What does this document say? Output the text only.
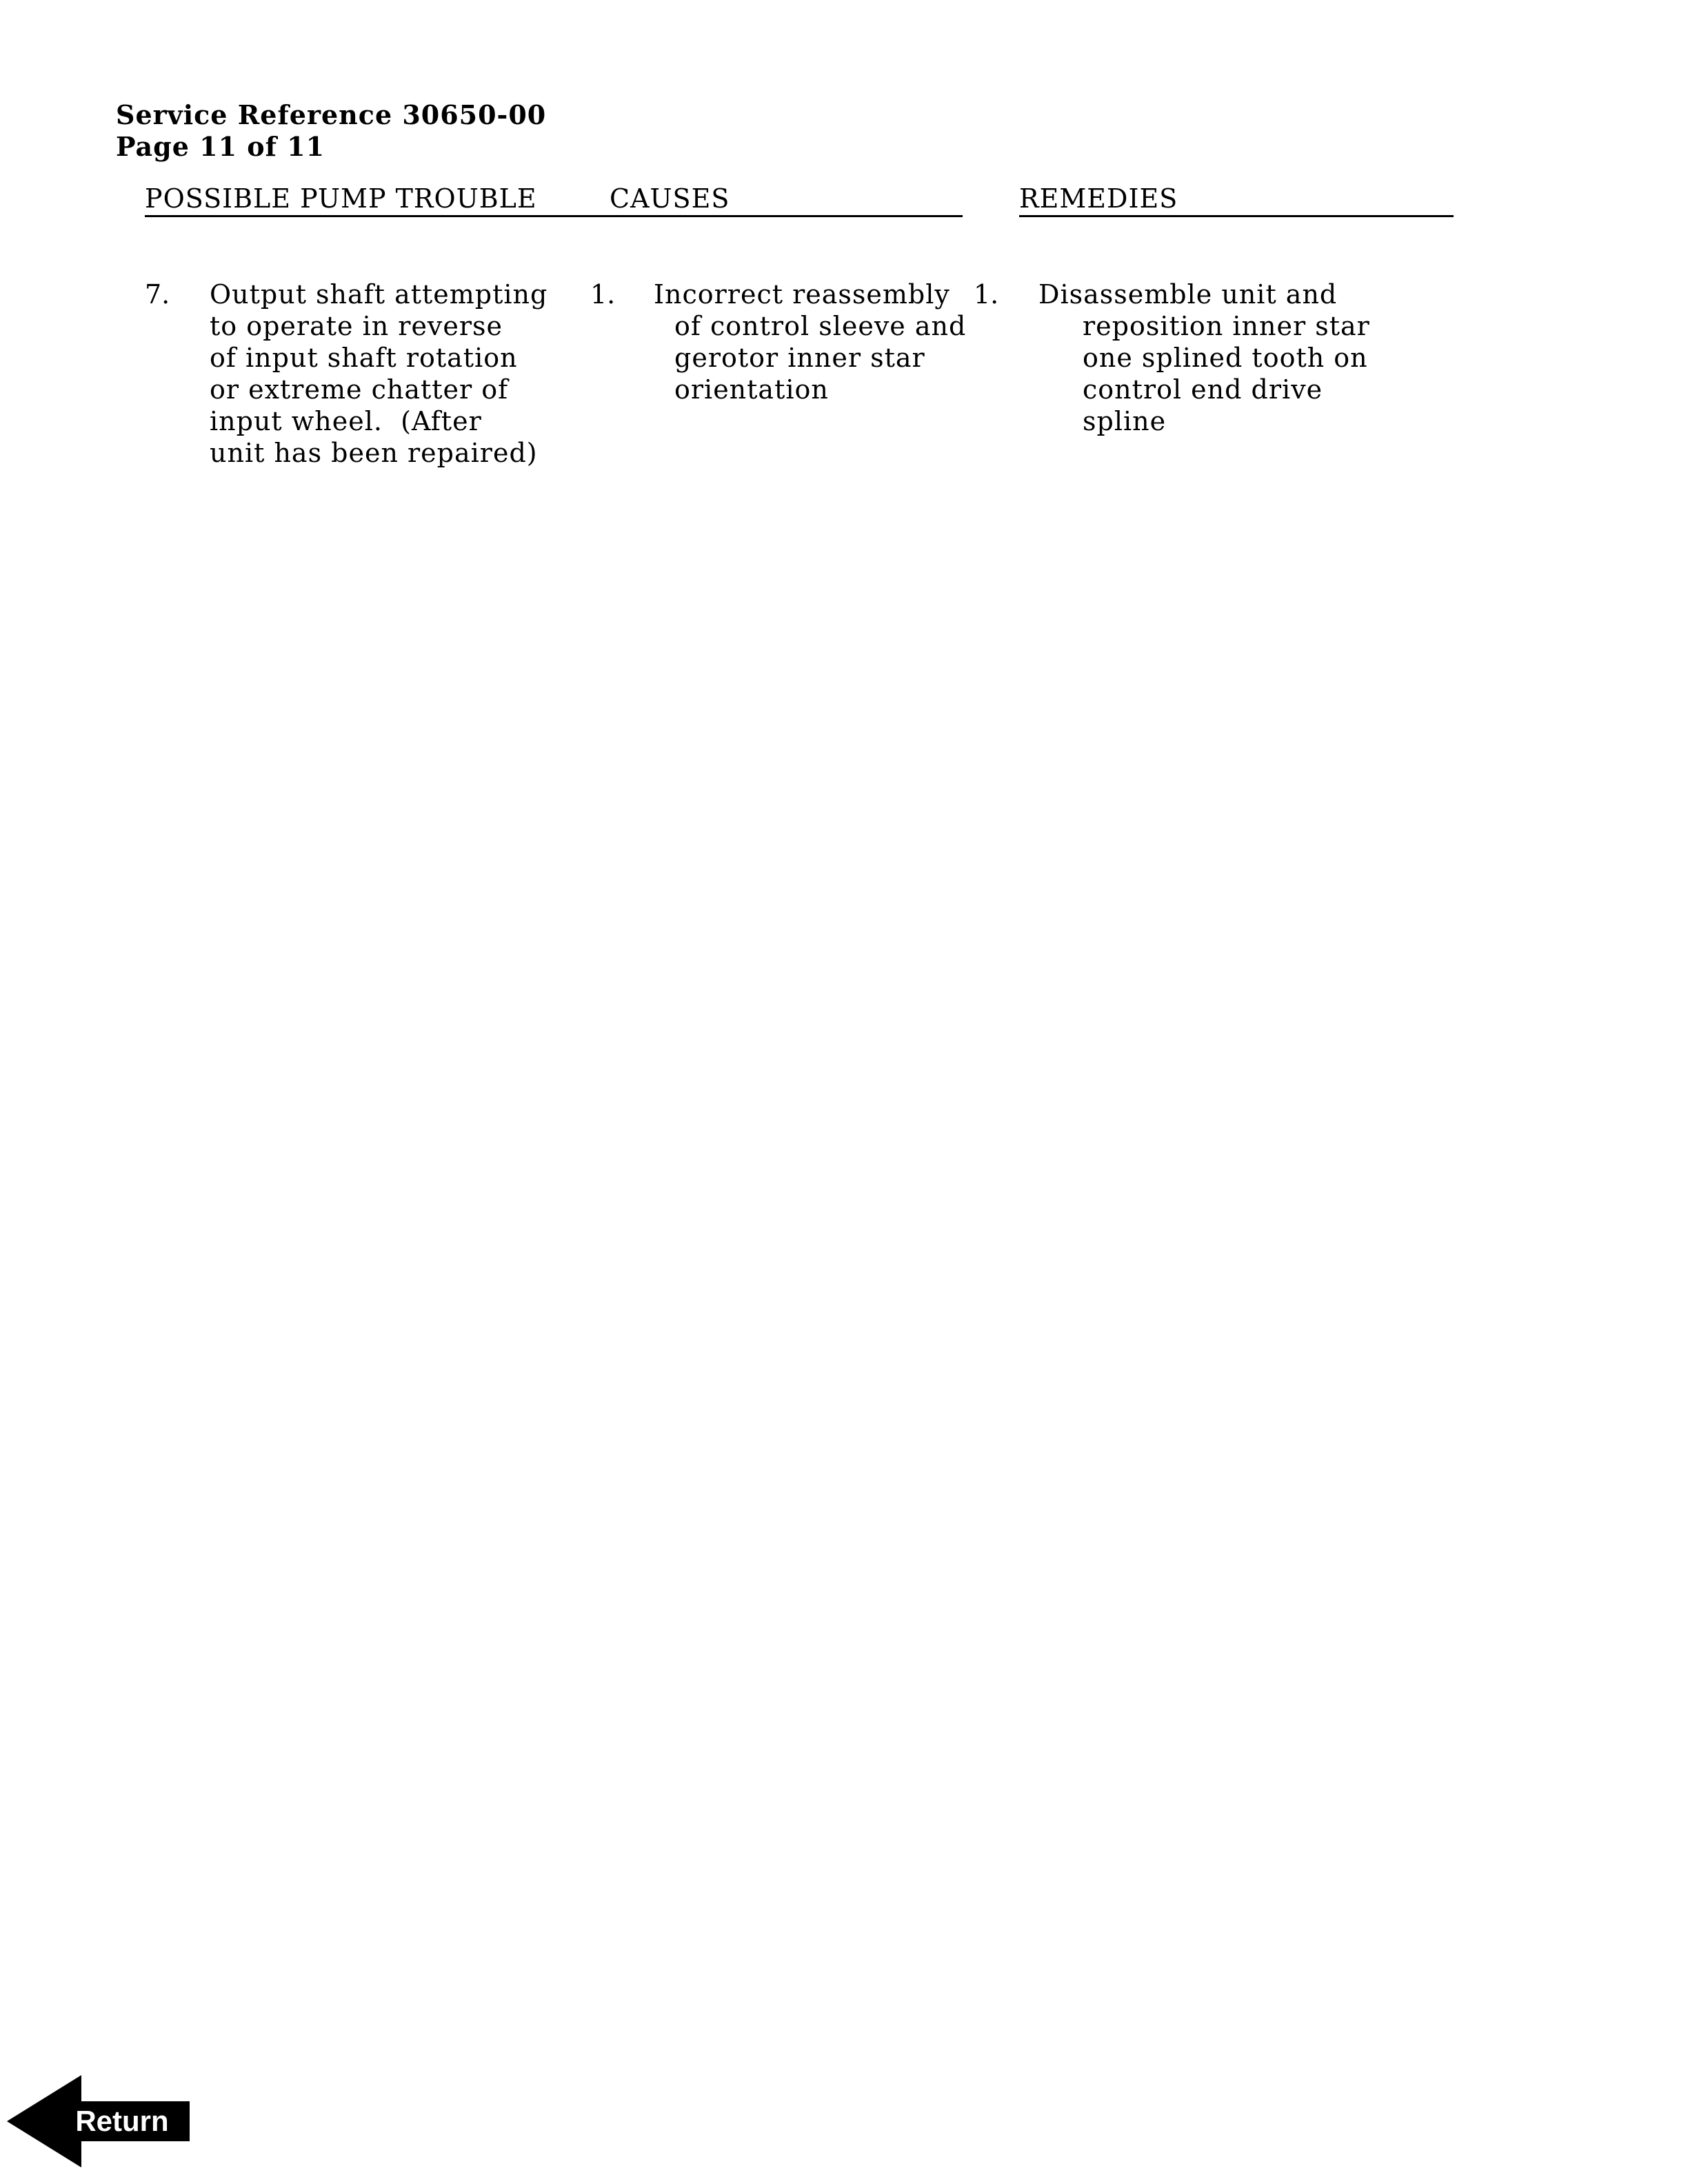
Service Reference 30650-00
Page 11 of 11
POSSIBLE PUMP TROUBLE	CAUSES	REMEDIES
7. Output shaft attempting
to operate in reverse
of input shaft rotation
or extreme chatter of
input wheel.  (After
unit has been repaired)
1. Incorrect reassembly
of control sleeve and
gerotor inner star
orientation
1. Disassemble unit and
reposition inner star
one splined tooth on
control end drive
spline
Return
